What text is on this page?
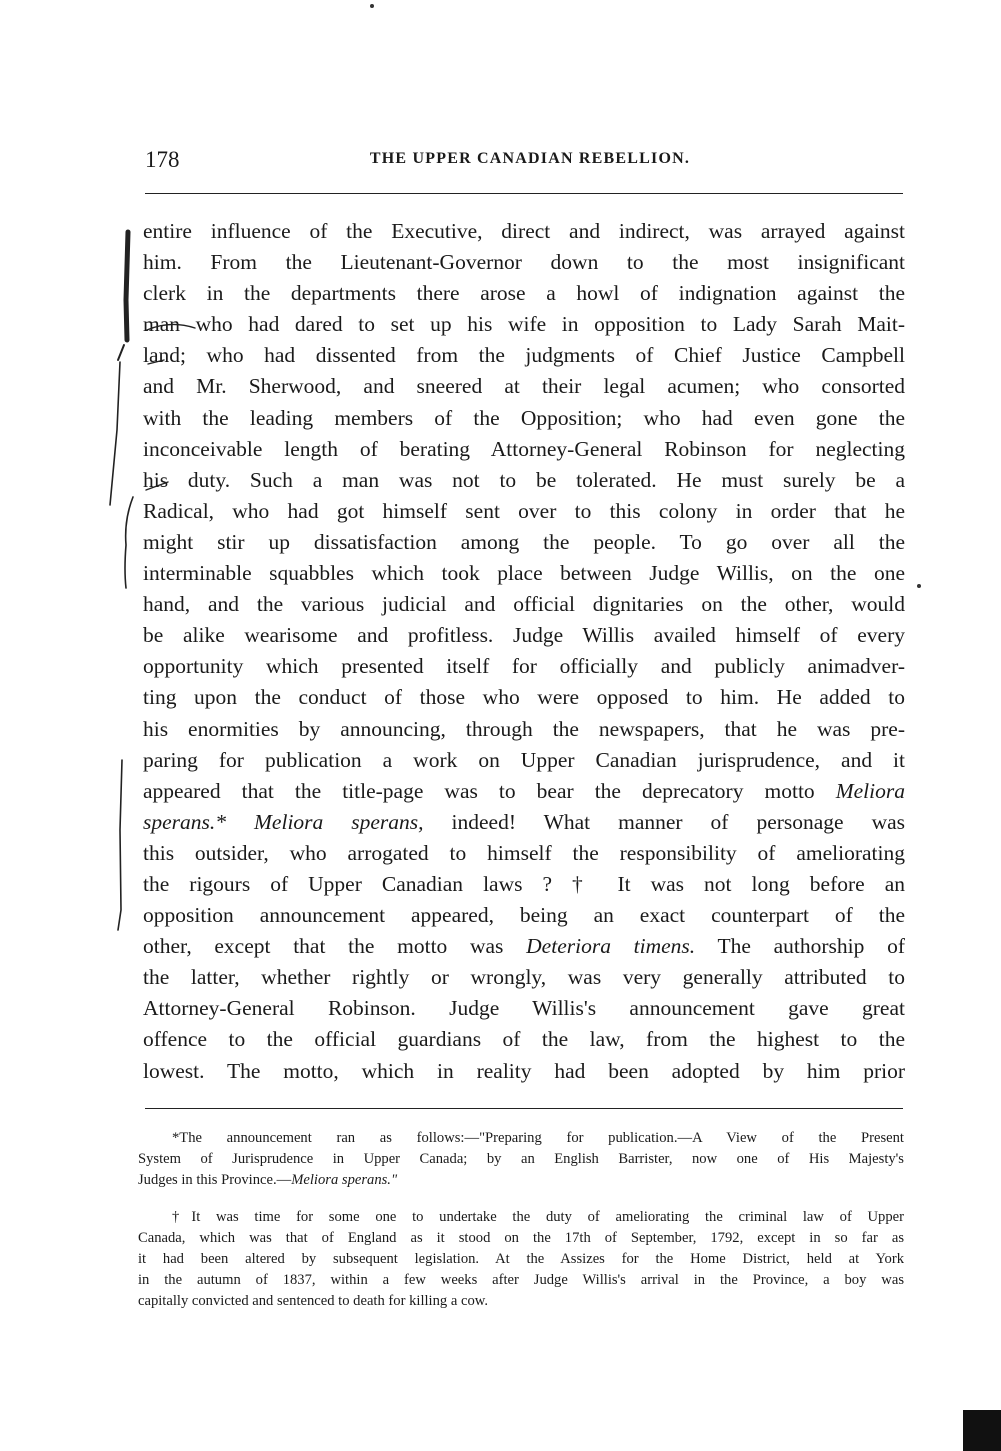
178	THE UPPER CANADIAN REBELLION.
entire influence of the Executive, direct and indirect, was arrayed against
him. From the Lieutenant-Governor down to the most insignificant
clerk in the departments there arose a howl of indignation against the
man who had dared to set up his wife in opposition to Lady Sarah Mait-
land; who had dissented from the judgments of Chief Justice Campbell
and Mr. Sherwood, and sneered at their legal acumen; who consorted
with the leading members of the Opposition; who had even gone the
inconceivable length of berating Attorney-General Robinson for neglecting
his duty. Such a man was not to be tolerated. He must surely be a
Radical, who had got himself sent over to this colony in order that he
might stir up dissatisfaction among the people. To go over all the
interminable squabbles which took place between Judge Willis, on the one
hand, and the various judicial and official dignitaries on the other, would
be alike wearisome and profitless. Judge Willis availed himself of every
opportunity which presented itself for officially and publicly animadver-
ting upon the conduct of those who were opposed to him. He added to
his enormities by announcing, through the newspapers, that he was pre-
paring for publication a work on Upper Canadian jurisprudence, and it
appeared that the title-page was to bear the deprecatory motto Meliora
sperans.* Meliora sperans, indeed! What manner of personage was
this outsider, who arrogated to himself the responsibility of ameliorating
the rigours of Upper Canadian laws ? † It was not long before an
opposition announcement appeared, being an exact counterpart of the
other, except that the motto was Deteriora timens. The authorship of
the latter, whether rightly or wrongly, was very generally attributed to
Attorney-General Robinson. Judge Willis's announcement gave great
offence to the official guardians of the law, from the highest to the
lowest. The motto, which in reality had been adopted by him prior
*The announcement ran as follows:—"Preparing for publication.—A View of the Present
System of Jurisprudence in Upper Canada; by an English Barrister, now one of His Majesty's
Judges in this Province.—Meliora sperans."
†It was time for some one to undertake the duty of ameliorating the criminal law of Upper
Canada, which was that of England as it stood on the 17th of September, 1792, except in so far as
it had been altered by subsequent legislation. At the Assizes for the Home District, held at York
in the autumn of 1837, within a few weeks after Judge Willis's arrival in the Province, a boy was
capitally convicted and sentenced to death for killing a cow.
